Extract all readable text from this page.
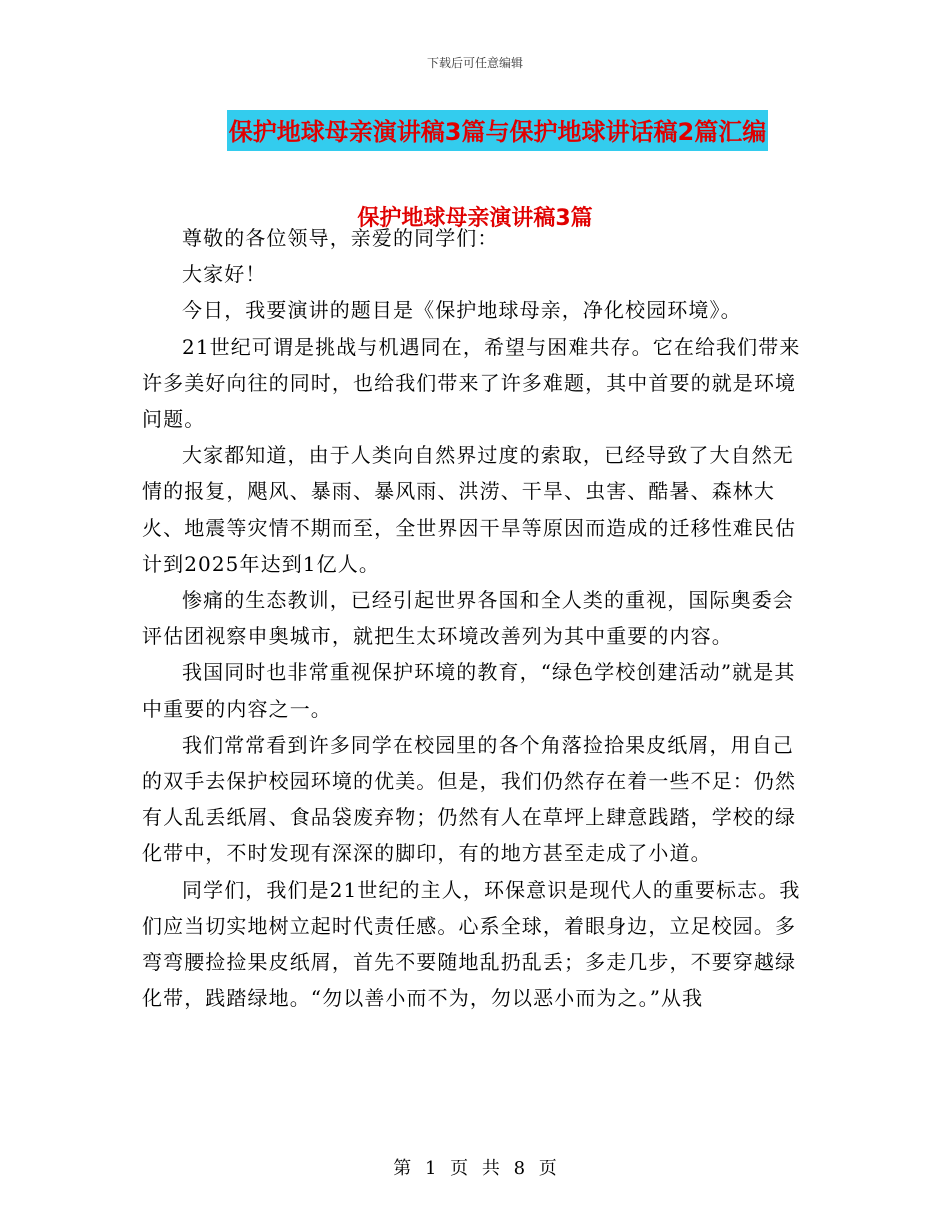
下载后可任意编辑
保护地球母亲演讲稿3篇与保护地球讲话稿2篇汇编
保护地球母亲演讲稿3篇

尊敬的各位领导，亲爱的同学们：

大家好！

今日，我要演讲的题目是《保护地球母亲，净化校园环境》。

21世纪可谓是挑战与机遇同在，希望与困难共存。它在给我们带来许多美好向往的同时，也给我们带来了许多难题，其中首要的就是环境问题。

大家都知道，由于人类向自然界过度的索取，已经导致了大自然无情的报复，飓风、暴雨、暴风雨、洪涝、干旱、虫害、酷暑、森林大火、地震等灾情不期而至，全世界因干旱等原因而造成的迁移性难民估计到2025年达到1亿人。

惨痛的生态教训，已经引起世界各国和全人类的重视，国际奥委会评估团视察申奥城市，就把生太环境改善列为其中重要的内容。

我国同时也非常重视保护环境的教育，“绿色学校创建活动”就是其中重要的内容之一。

我们常常看到许多同学在校园里的各个角落捡拾果皮纸屑，用自己的双手去保护校园环境的优美。但是，我们仍然存在着一些不足：仍然有人乱丢纸屑、食品袋废弃物；仍然有人在草坪上肆意践踏，学校的绿化带中，不时发现有深深的脚印，有的地方甚至走成了小道。

同学们，我们是21世纪的主人，环保意识是现代人的重要标志。我们应当切实地树立起时代责任感。心系全球，着眼身边，立足校园。多弯弯腰捡捡果皮纸屑，首先不要随地乱扔乱丢；多走几步，不要穿越绿化带，践踏绿地。“勿以善小而不为，勿以恶小而为之。”从我

第 1 页 共 8 页
